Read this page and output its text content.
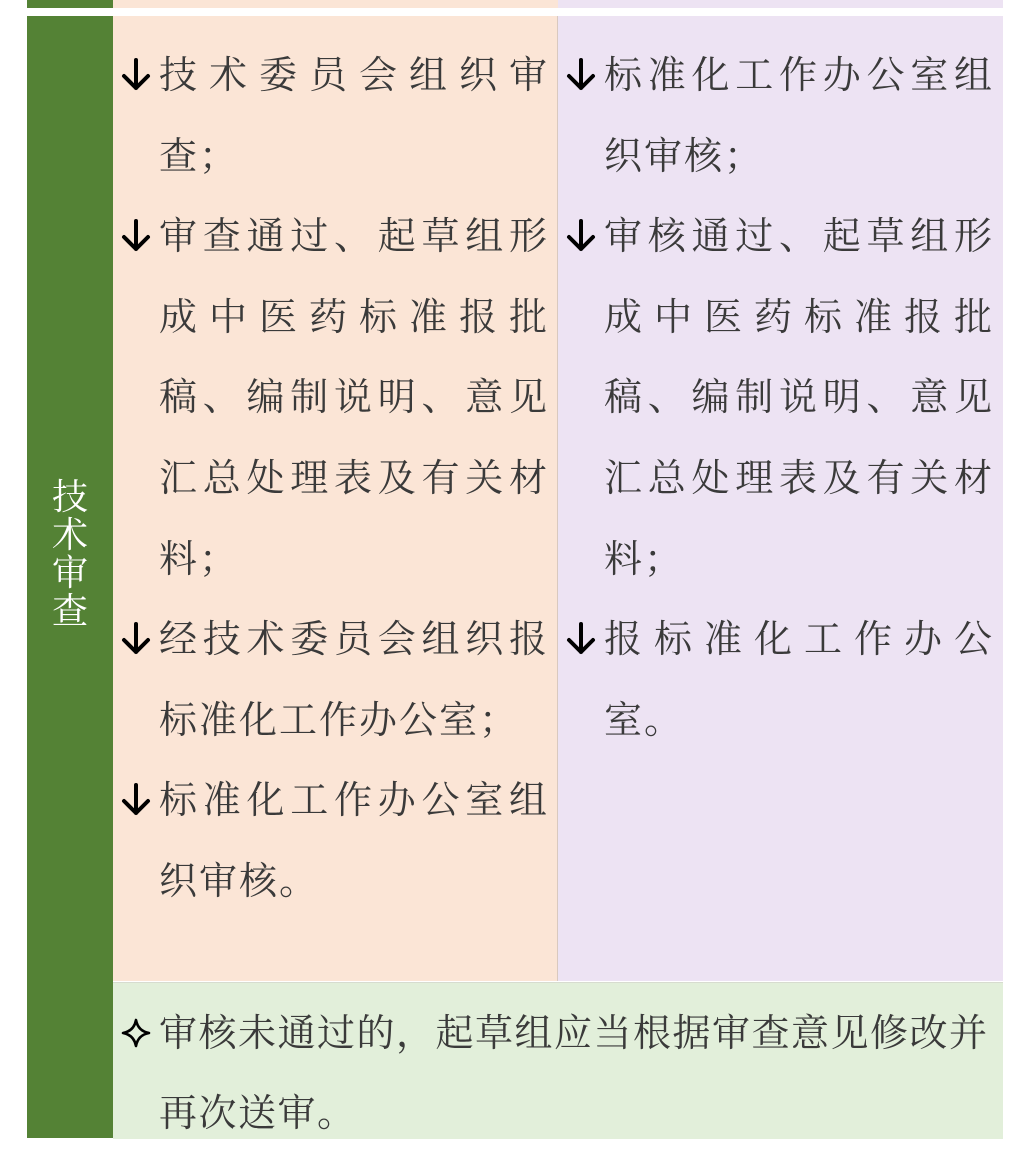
技术审查
技术委员会组织审查；
审查通过、起草组形成中医药标准报批稿、编制说明、意见汇总处理表及有关材料；
经技术委员会组织报标准化工作办公室；
标准化工作办公室组织审核。
标准化工作办公室组织审核；
审核通过、起草组形成中医药标准报批稿、编制说明、意见汇总处理表及有关材料；
报标准化工作办公室。

审核未通过的，起草组应当根据审查意见修改并再次送审。
